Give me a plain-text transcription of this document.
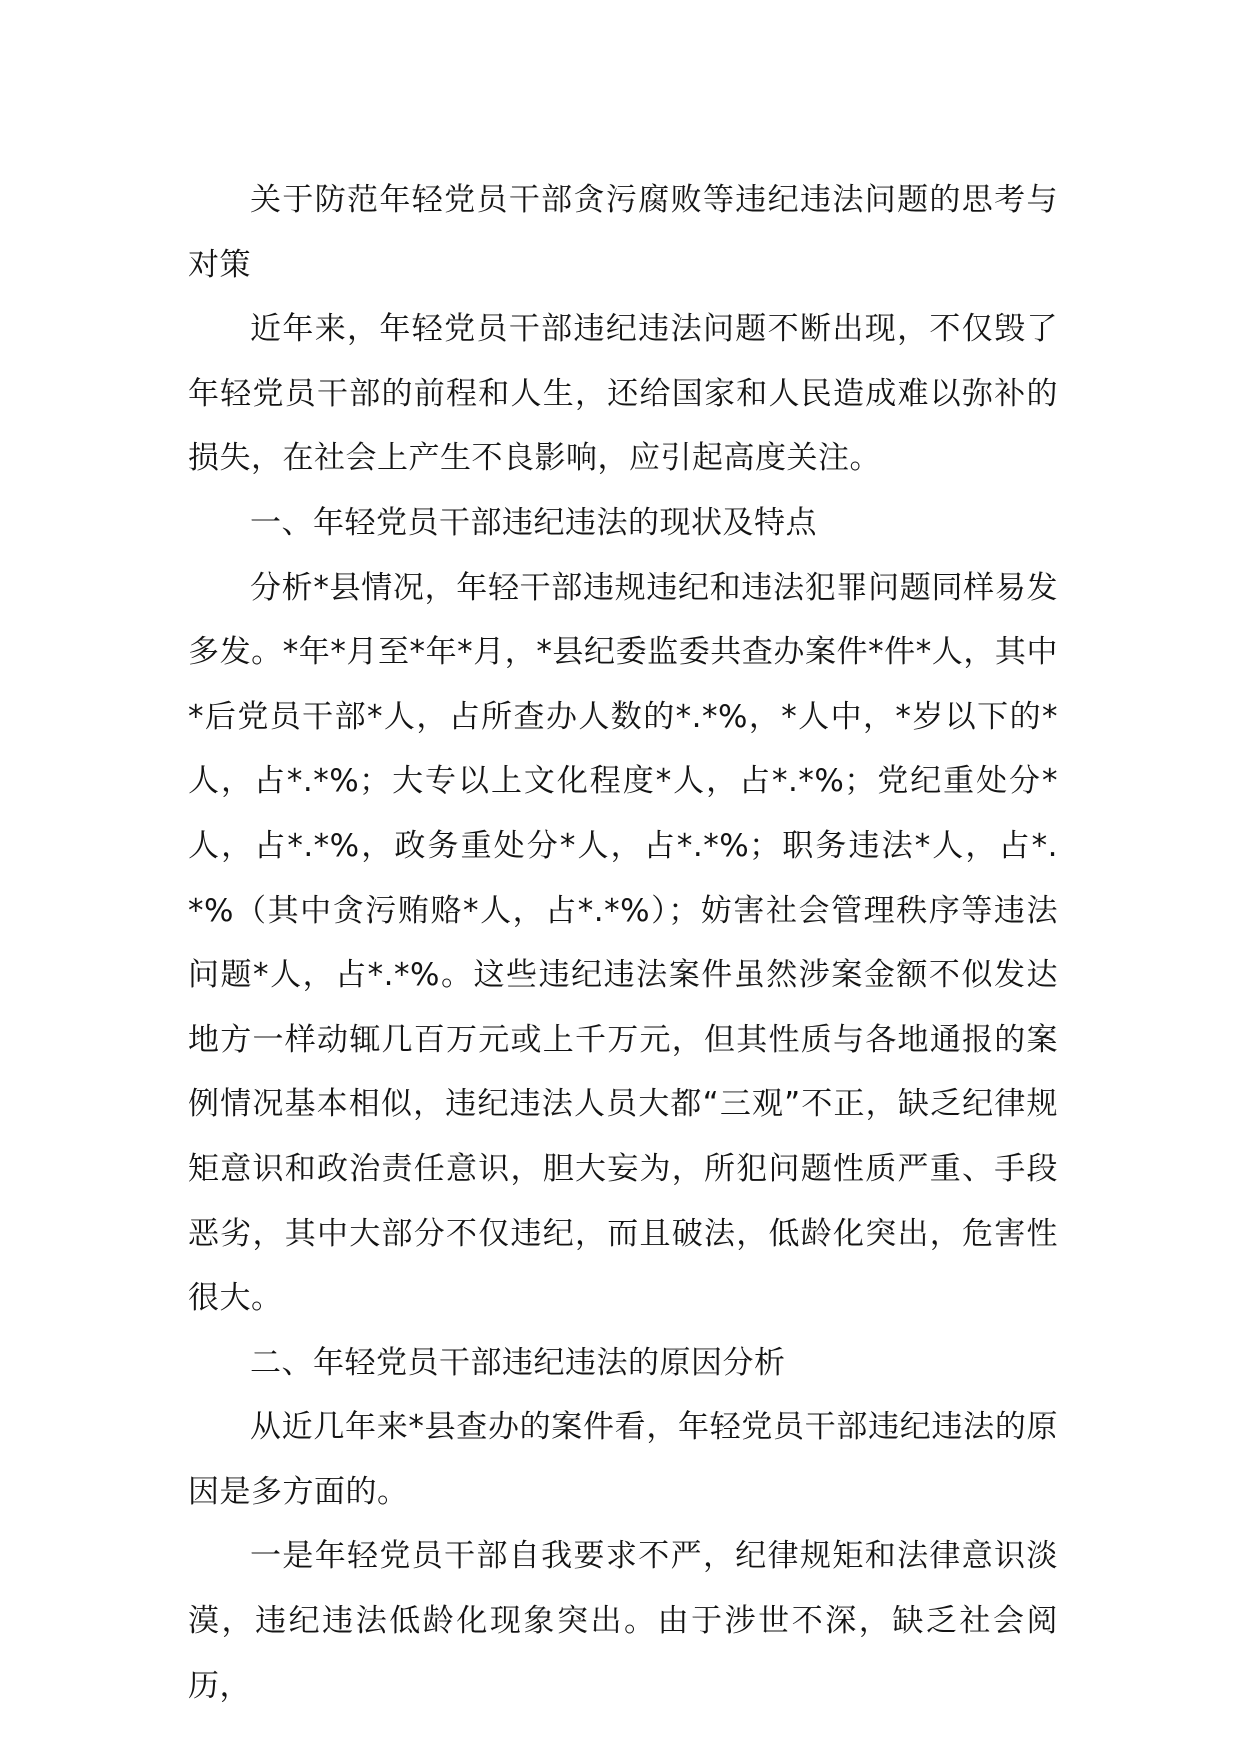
关于防范年轻党员干部贪污腐败等违纪违法问题的思考与对策

近年来，年轻党员干部违纪违法问题不断出现，不仅毁了年轻党员干部的前程和人生，还给国家和人民造成难以弥补的损失，在社会上产生不良影响，应引起高度关注。

一、年轻党员干部违纪违法的现状及特点

分析*县情况，年轻干部违规违纪和违法犯罪问题同样易发多发。*年*月至*年*月，*县纪委监委共查办案件*件*人，其中*后党员干部*人，占所查办人数的*.*%，*人中，*岁以下的*人，占*.*%；大专以上文化程度*人，占*.*%；党纪重处分*人，占*.*%，政务重处分*人，占*.*%；职务违法*人，占*.*%（其中贪污贿赂*人，占*.*%）；妨害社会管理秩序等违法问题*人，占*.*%。这些违纪违法案件虽然涉案金额不似发达地方一样动辄几百万元或上千万元，但其性质与各地通报的案例情况基本相似，违纪违法人员大都“三观”不正，缺乏纪律规矩意识和政治责任意识，胆大妄为，所犯问题性质严重、手段恶劣，其中大部分不仅违纪，而且破法，低龄化突出，危害性很大。

二、年轻党员干部违纪违法的原因分析

从近几年来*县查办的案件看，年轻党员干部违纪违法的原因是多方面的。

一是年轻党员干部自我要求不严，纪律规矩和法律意识淡漠，违纪违法低龄化现象突出。由于涉世不深，缺乏社会阅历，
